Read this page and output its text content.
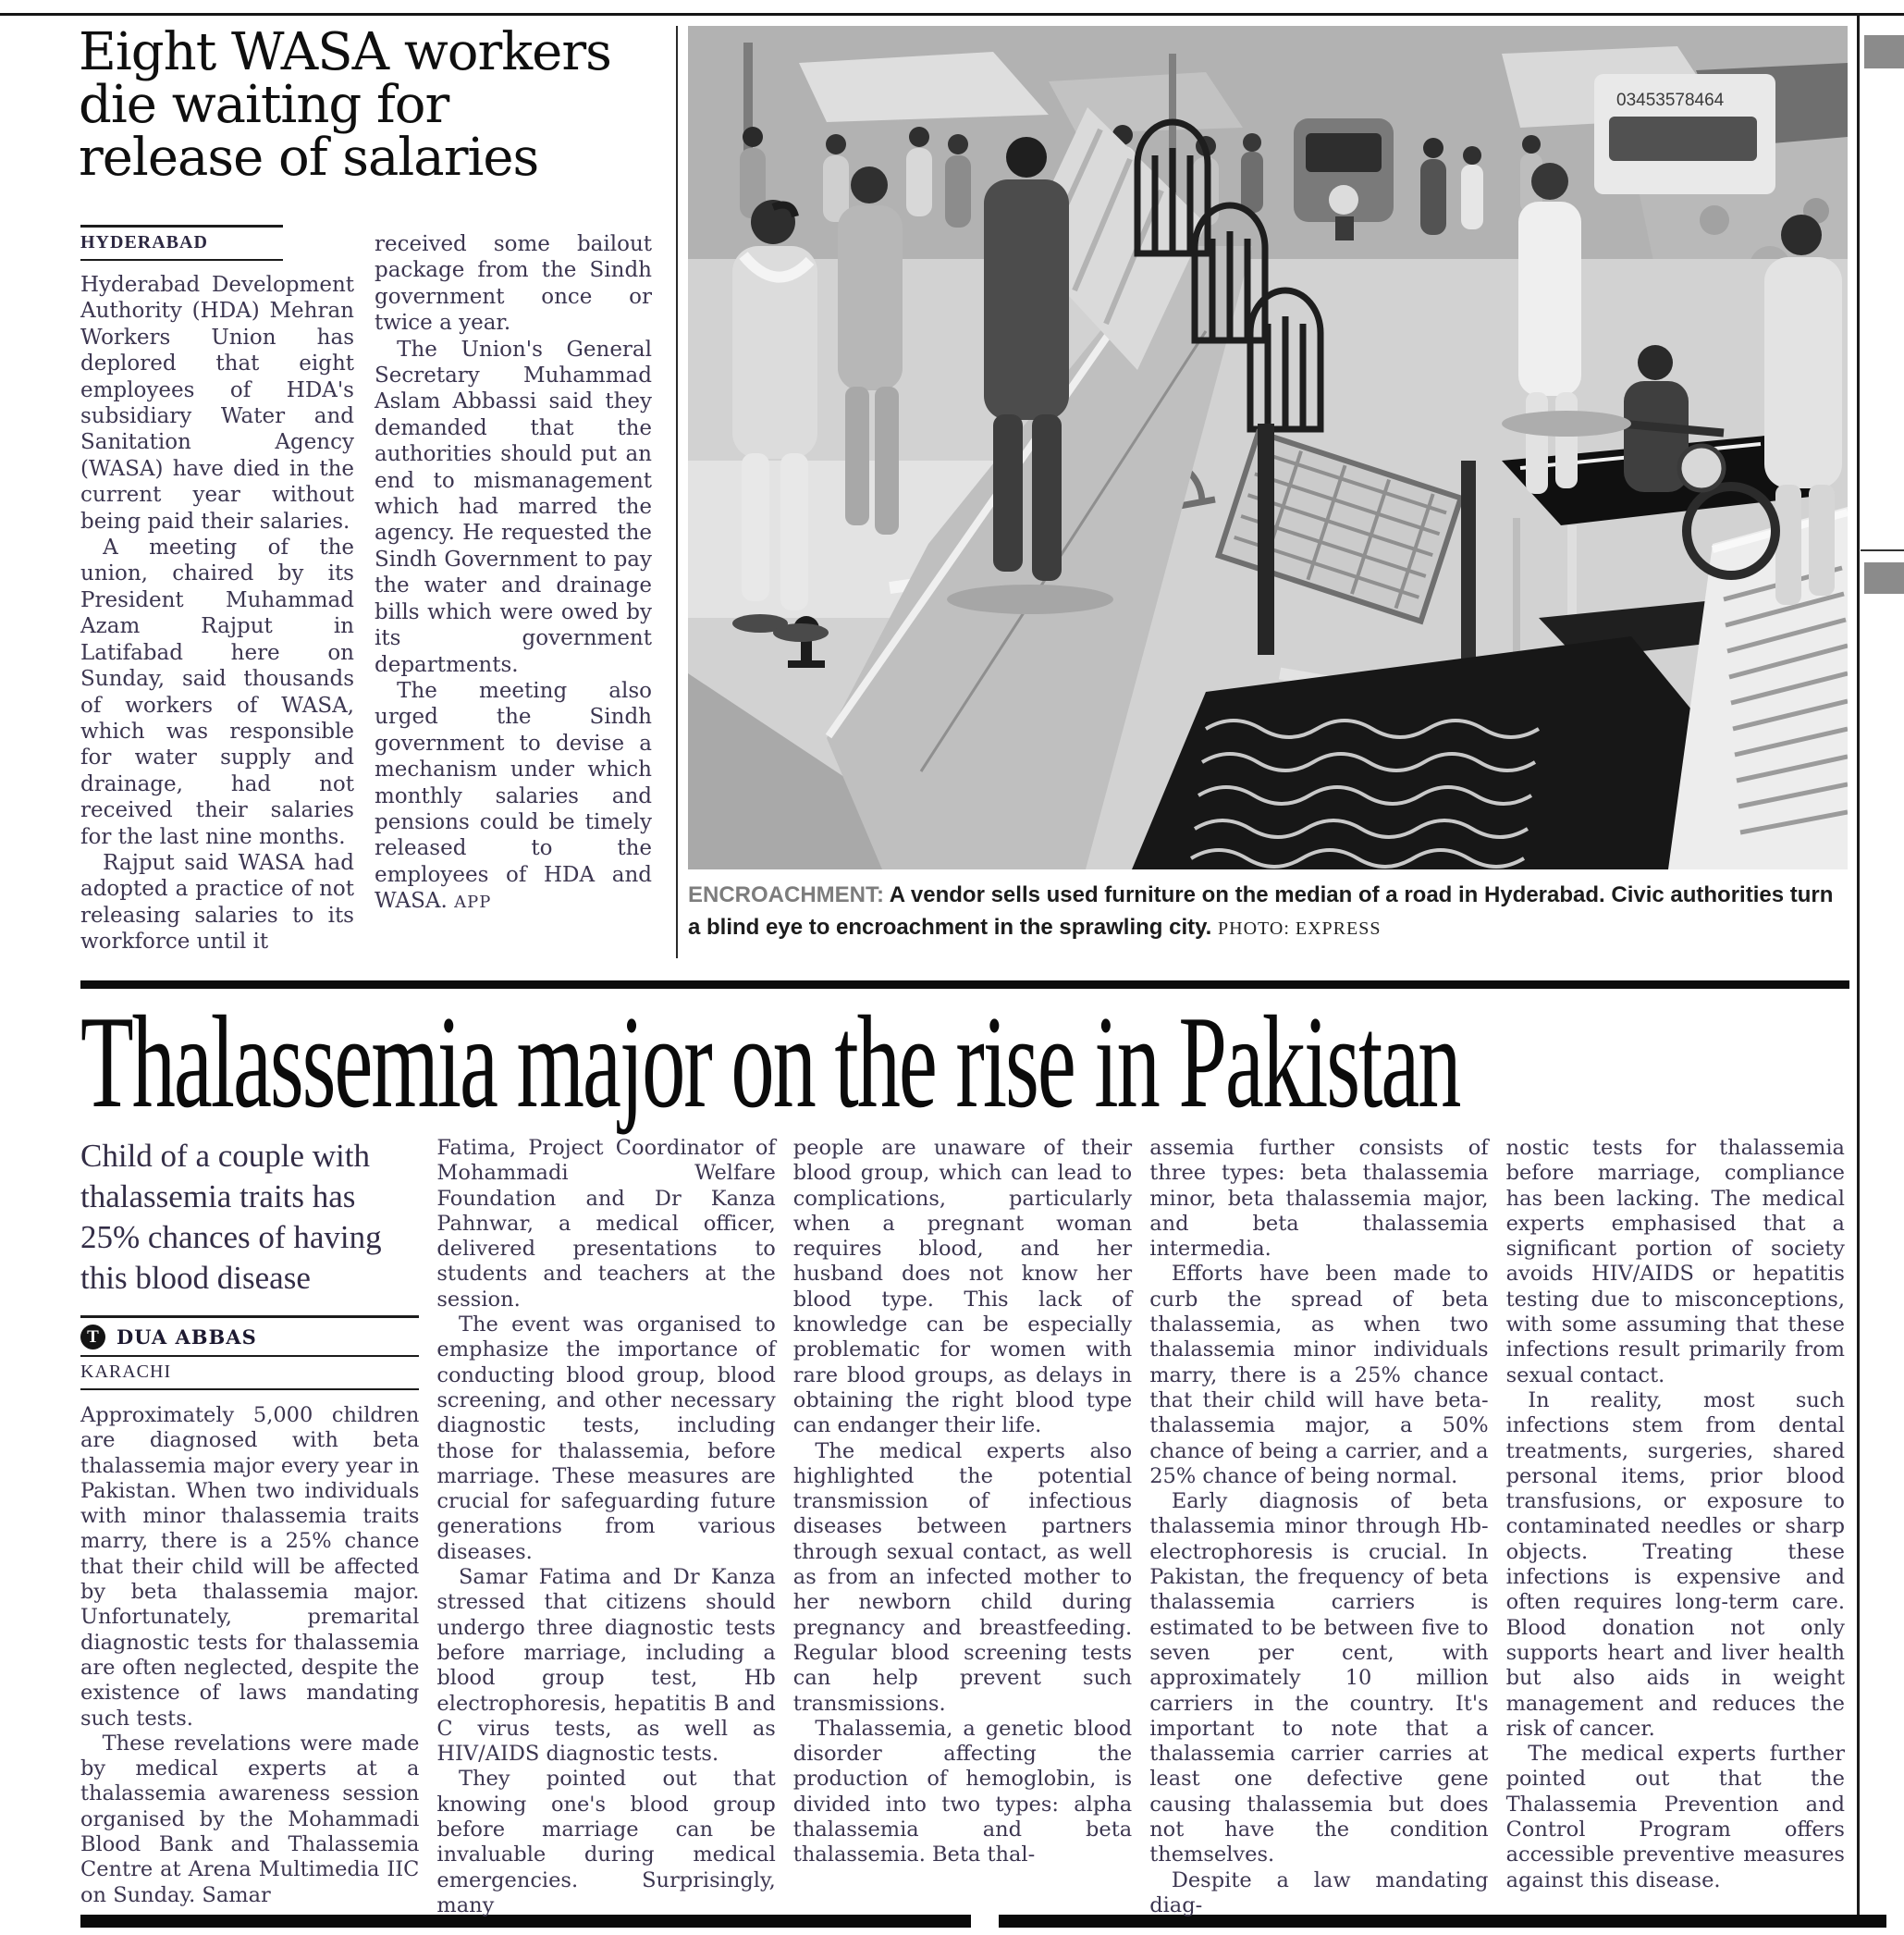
Eight WASA workers
die waiting for
release of salaries
HYDERABAD

Hyderabad Development Authority (HDA) Mehran Workers Union has deplored that eight employees of HDA's subsidiary Water and Sanitation Agency (WASA) have died in the current year without being paid their salaries.

A meeting of the union, chaired by its President Muhammad Azam Rajput in Latifabad here on Sunday, said thousands of workers of WASA, which was responsible for water supply and drainage, had not received their salaries for the last nine months.

Rajput said WASA had adopted a practice of not releasing salaries to its workforce until it

received some bailout package from the Sindh government once or twice a year.

The Union's General Secretary Muhammad Aslam Abbassi said they demanded that the authorities should put an end to mismanagement which had marred the agency. He requested the Sindh Government to pay the water and drainage bills which were owed by its government departments.

The meeting also urged the Sindh government to devise a mechanism under which monthly salaries and pensions could be timely released to the employees of HDA and WASA. APP

03453578464
ENCROACHMENT: A vendor sells used furniture on the median of a road in Hyderabad. Civic authorities turn a blind eye to encroachment in the sprawling city. PHOTO: EXPRESS
Thalassemia major on the rise in Pakistan
Child of a couple with
thalassemia traits has
25% chances of having
this blood disease
T DUA ABBAS
KARACHI

Approximately 5,000 children are diagnosed with beta thalassemia major every year in Pakistan. When two individuals with minor thalassemia traits marry, there is a 25% chance that their child will be affected by beta thalassemia major. Unfortunately, premarital diagnostic tests for thalassemia are often neglected, despite the existence of laws mandating such tests.

These revelations were made by medical experts at a thalassemia awareness session organised by the Mohammadi Blood Bank and Thalassemia Centre at Arena Multimedia IIC on Sunday. Samar

Fatima, Project Coordinator of Mohammadi Welfare Foundation and Dr Kanza Pahnwar, a medical officer, delivered presentations to students and teachers at the session.

The event was organised to emphasize the importance of conducting blood group, blood screening, and other necessary diagnostic tests, including those for thalassemia, before marriage. These measures are crucial for safeguarding future generations from various diseases.

Samar Fatima and Dr Kanza stressed that citizens should undergo three diagnostic tests before marriage, including a blood group test, Hb electrophoresis, hepatitis B and C virus tests, as well as HIV/AIDS diagnostic tests.

They pointed out that knowing one's blood group before marriage can be invaluable during medical emergencies. Surprisingly, many

people are unaware of their blood group, which can lead to complications, particularly when a pregnant woman requires blood, and her husband does not know her blood type. This lack of knowledge can be especially problematic for women with rare blood groups, as delays in obtaining the right blood type can endanger their life.

The medical experts also highlighted the potential transmission of infectious diseases between partners through sexual contact, as well as from an infected mother to her newborn child during pregnancy and breastfeeding. Regular blood screening tests can help prevent such transmissions.

Thalassemia, a genetic blood disorder affecting the production of hemoglobin, is divided into two types: alpha thalassemia and beta thalassemia. Beta thal-

assemia further consists of three types: beta thalassemia minor, beta thalassemia major, and beta thalassemia intermedia.

Efforts have been made to curb the spread of beta thalassemia, as when two thalassemia minor individuals marry, there is a 25% chance that their child will have beta-thalassemia major, a 50% chance of being a carrier, and a 25% chance of being normal.

Early diagnosis of beta thalassemia minor through Hb-electrophoresis is crucial. In Pakistan, the frequency of beta thalassemia carriers is estimated to be between five to seven per cent, with approximately 10 million carriers in the country. It's important to note that a thalassemia carrier carries at least one defective gene causing thalassemia but does not have the condition themselves.

Despite a law mandating diag-

nostic tests for thalassemia before marriage, compliance has been lacking. The medical experts emphasised that a significant portion of society avoids HIV/AIDS or hepatitis testing due to misconceptions, with some assuming that these infections result primarily from sexual contact.

In reality, most such infections stem from dental treatments, surgeries, shared personal items, prior blood transfusions, or exposure to contaminated needles or sharp objects. Treating these infections is expensive and often requires long-term care. Blood donation not only supports heart and liver health but also aids in weight management and reduces the risk of cancer.

The medical experts further pointed out that the Thalassemia Prevention and Control Program offers accessible preventive measures against this disease.
